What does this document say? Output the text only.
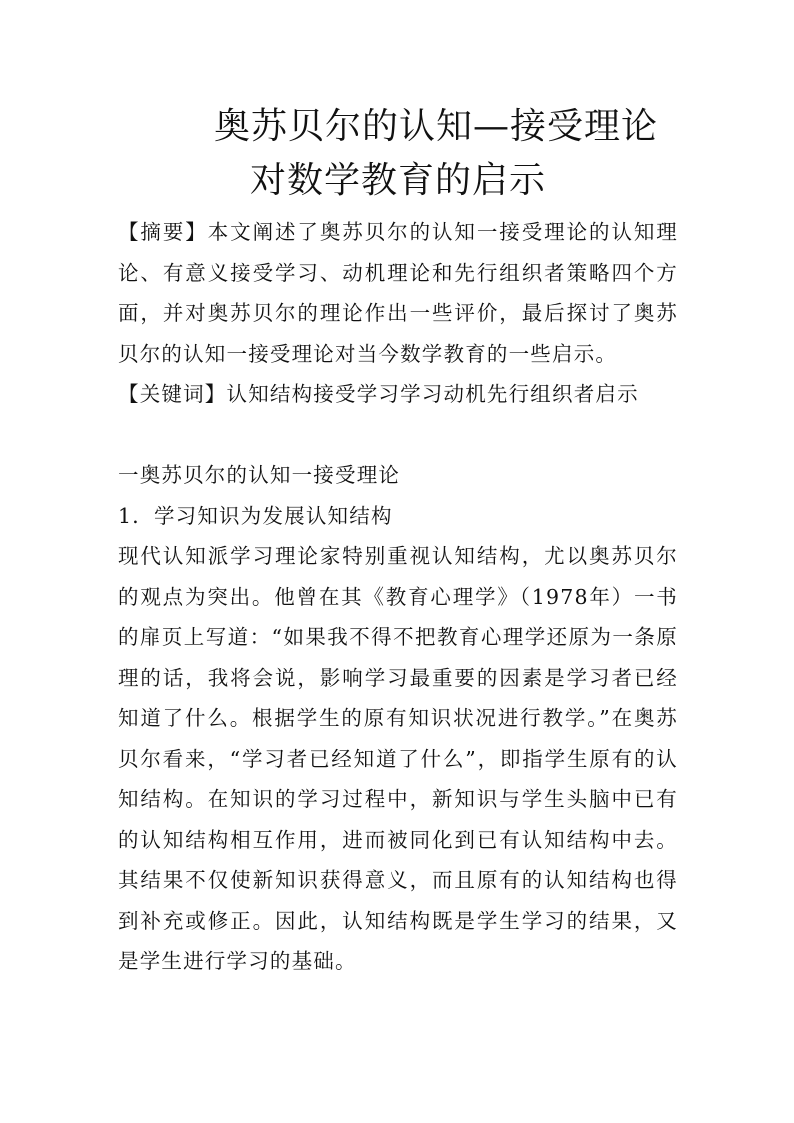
奥苏贝尔的认知—接受理论
对数学教育的启示

【摘要】本文阐述了奥苏贝尔的认知一接受理论的认知理论、有意义接受学习、动机理论和先行组织者策略四个方面，并对奥苏贝尔的理论作出一些评价，最后探讨了奥苏贝尔的认知一接受理论对当今数学教育的一些启示。

【关键词】认知结构接受学习学习动机先行组织者启示

一奥苏贝尔的认知一接受理论

1．学习知识为发展认知结构

现代认知派学习理论家特别重视认知结构，尤以奥苏贝尔的观点为突出。他曾在其《教育心理学》（1978年）一书的扉页上写道：“如果我不得不把教育心理学还原为一条原理的话，我将会说，影响学习最重要的因素是学习者已经知道了什么。根据学生的原有知识状况进行教学。”在奥苏贝尔看来，“学习者已经知道了什么”，即指学生原有的认知结构。在知识的学习过程中，新知识与学生头脑中已有的认知结构相互作用，进而被同化到已有认知结构中去。其结果不仅使新知识获得意义，而且原有的认知结构也得到补充或修正。因此，认知结构既是学生学习的结果，又是学生进行学习的基础。
